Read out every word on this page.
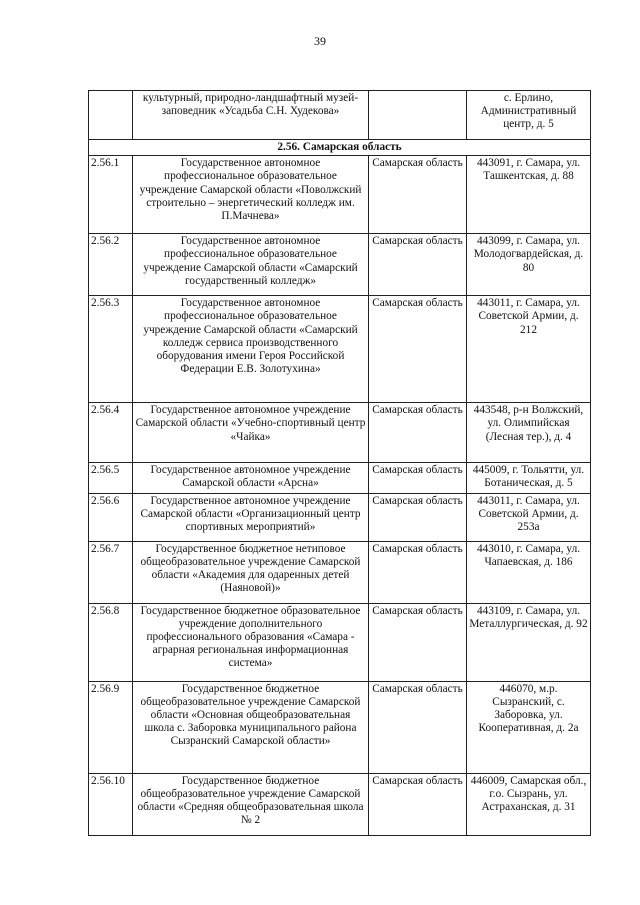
39
	культурный, природно-ландшафтный музей-заповедник «Усадьба С.Н. Худекова»		с. Ерлино, Административный центр, д. 5
2.56. Самарская область			
2.56.1	Государственное автономное профессиональное образовательное учреждение Самарской области «Поволжский строительно – энергетический колледж им. П.Мачнева»	Самарская область	443091, г. Самара, ул. Ташкентская, д. 88
2.56.2	Государственное автономное профессиональное образовательное учреждение Самарской области «Самарский государственный колледж»	Самарская область	443099, г. Самара, ул. Молодогвардейская, д. 80
2.56.3	Государственное автономное профессиональное образовательное учреждение Самарской области «Самарский колледж сервиса производственного оборудования имени Героя Российской Федерации Е.В. Золотухина»	Самарская область	443011, г. Самара, ул. Советской Армии, д. 212
2.56.4	Государственное автономное учреждение Самарской области «Учебно-спортивный центр «Чайка»	Самарская область	443548, р-н Волжский, ул. Олимпийская (Лесная тер.), д. 4
2.56.5	Государственное автономное учреждение Самарской области «Арсна»	Самарская область	445009, г. Тольятти, ул. Ботаническая, д. 5
2.56.6	Государственное автономное учреждение Самарской области «Организационный центр спортивных мероприятий»	Самарская область	443011, г. Самара, ул. Советской Армии, д. 253а
2.56.7	Государственное бюджетное нетиповое общеобразовательное учреждение Самарской области «Академия для одаренных детей (Наяновой)»	Самарская область	443010, г. Самара, ул. Чапаевская, д. 186
2.56.8	Государственное бюджетное образовательное учреждение дополнительного профессионального образования «Самара - аграрная региональная информационная система»	Самарская область	443109, г. Самара, ул. Металлургическая, д. 92
2.56.9	Государственное бюджетное общеобразовательное учреждение Самарской области «Основная общеобразовательная школа с. Заборовка муниципального района Сызранский Самарской области»	Самарская область	446070, м.р. Сызранский, с. Заборовка, ул. Кооперативная, д. 2а
2.56.10	Государственное бюджетное общеобразовательное учреждение Самарской области «Средняя общеобразовательная школа № 2	Самарская область	446009, Самарская обл., г.о. Сызрань, ул. Астраханская, д. 31
